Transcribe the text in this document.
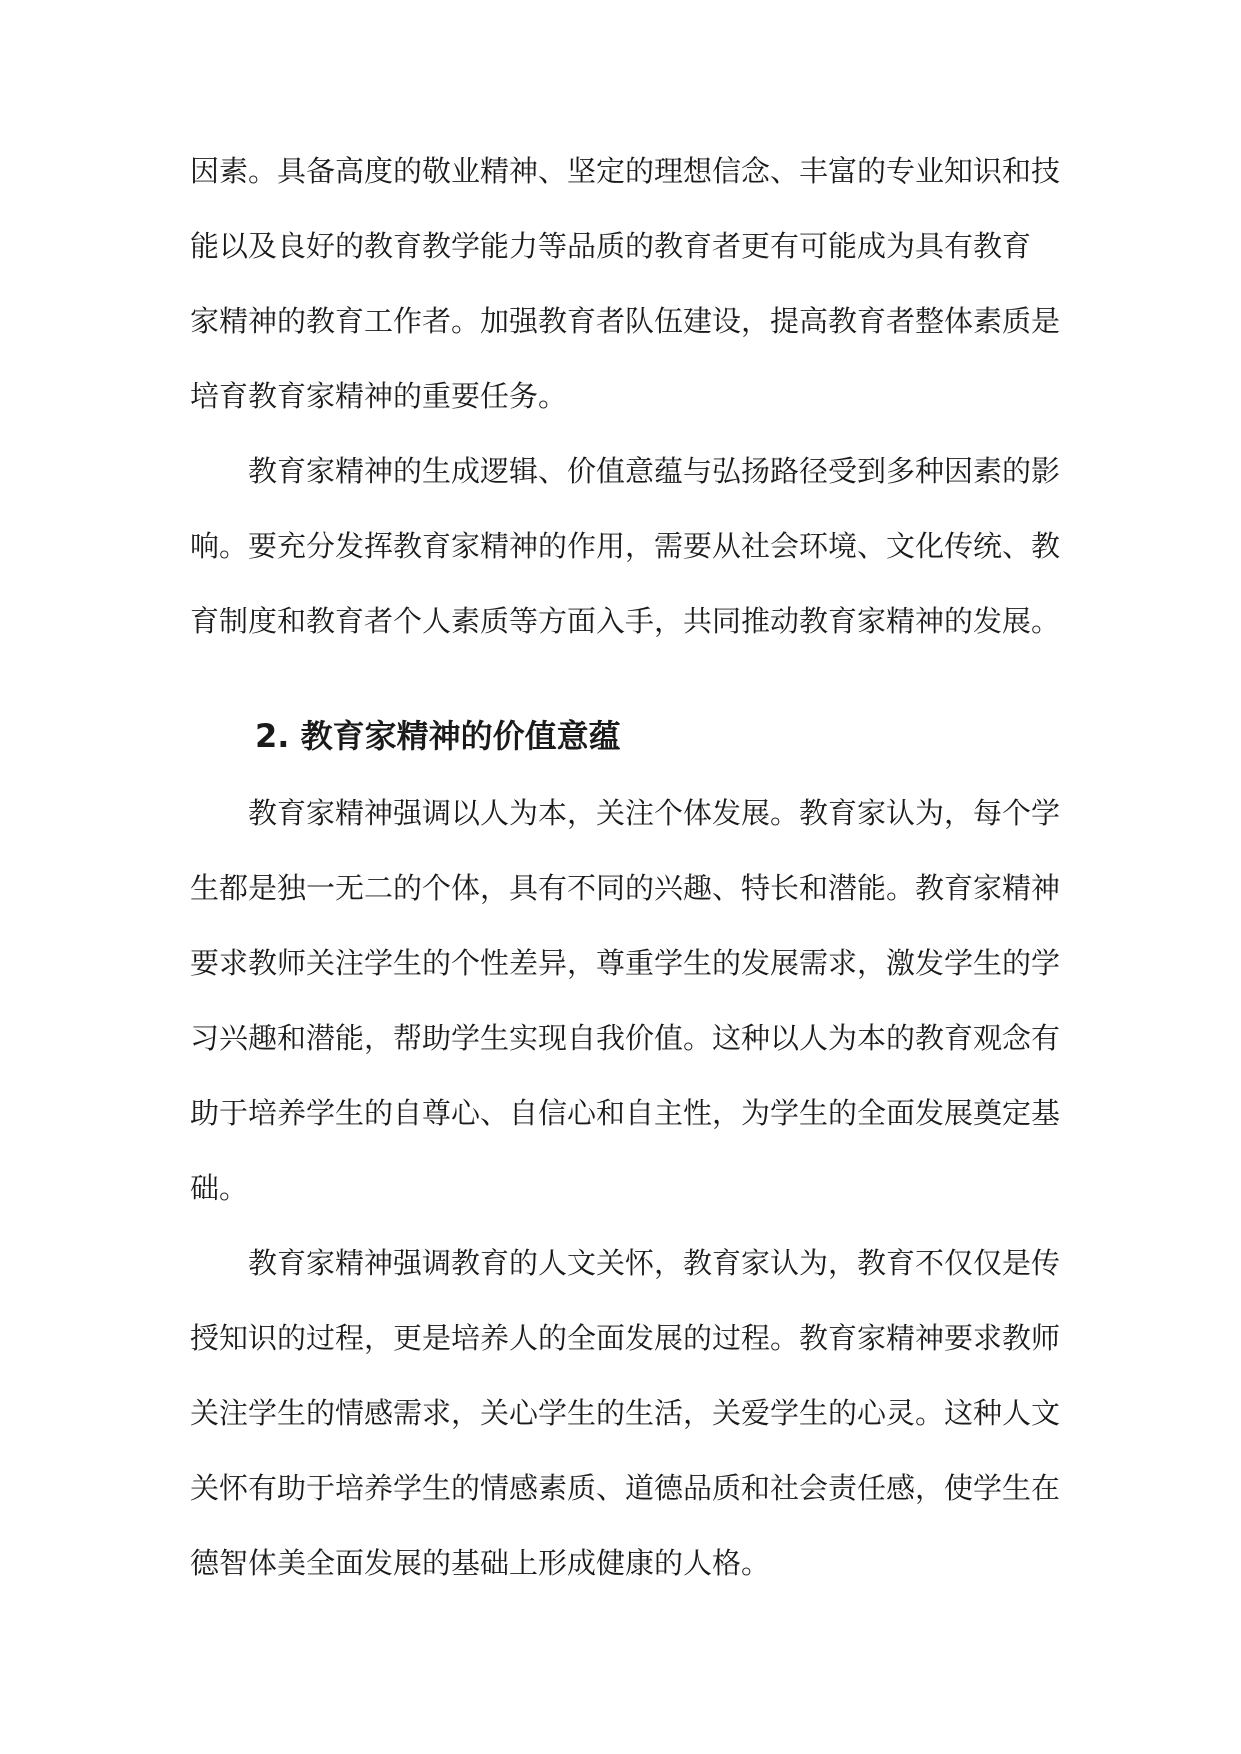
因素。具备高度的敬业精神、坚定的理想信念、丰富的专业知识和技
能以及良好的教育教学能力等品质的教育者更有可能成为具有教育
家精神的教育工作者。加强教育者队伍建设，提高教育者整体素质是
培育教育家精神的重要任务。
教育家精神的生成逻辑、价值意蕴与弘扬路径受到多种因素的影
响。要充分发挥教育家精神的作用，需要从社会环境、文化传统、教
育制度和教育者个人素质等方面入手，共同推动教育家精神的发展。
2. 教育家精神的价值意蕴
教育家精神强调以人为本，关注个体发展。教育家认为，每个学
生都是独一无二的个体，具有不同的兴趣、特长和潜能。教育家精神
要求教师关注学生的个性差异，尊重学生的发展需求，激发学生的学
习兴趣和潜能，帮助学生实现自我价值。这种以人为本的教育观念有
助于培养学生的自尊心、自信心和自主性，为学生的全面发展奠定基
础。
教育家精神强调教育的人文关怀，教育家认为，教育不仅仅是传
授知识的过程，更是培养人的全面发展的过程。教育家精神要求教师
关注学生的情感需求，关心学生的生活，关爱学生的心灵。这种人文
关怀有助于培养学生的情感素质、道德品质和社会责任感，使学生在
德智体美全面发展的基础上形成健康的人格。
